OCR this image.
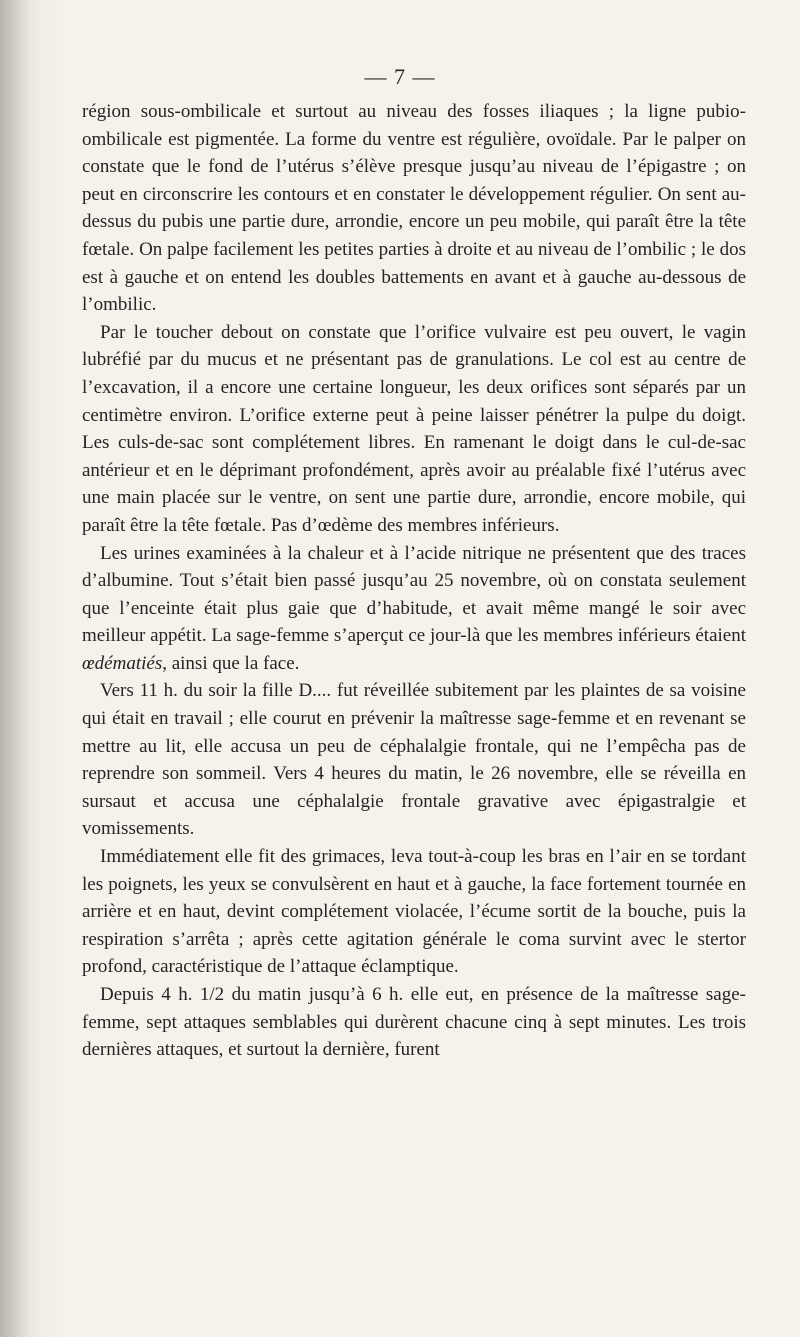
— 7 —

région sous-ombilicale et surtout au niveau des fosses iliaques ; la ligne pubio-ombilicale est pigmentée. La forme du ventre est régulière, ovoïdale. Par le palper on constate que le fond de l’utérus s’élève presque jusqu’au niveau de l’épigastre ; on peut en circonscrire les contours et en constater le développement régulier. On sent au-dessus du pubis une partie dure, arrondie, encore un peu mobile, qui paraît être la tête fœtale. On palpe facilement les petites parties à droite et au niveau de l’ombilic ; le dos est à gauche et on entend les doubles battements en avant et à gauche au-dessous de l’ombilic.

Par le toucher debout on constate que l’orifice vulvaire est peu ouvert, le vagin lubréfié par du mucus et ne présentant pas de granulations. Le col est au centre de l’excavation, il a encore une certaine longueur, les deux orifices sont séparés par un centimètre environ. L’orifice externe peut à peine laisser pénétrer la pulpe du doigt. Les culs-de-sac sont complétement libres. En ramenant le doigt dans le cul-de-sac antérieur et en le déprimant profondément, après avoir au préalable fixé l’utérus avec une main placée sur le ventre, on sent une partie dure, arrondie, encore mobile, qui paraît être la tête fœtale. Pas d’œdème des membres inférieurs.

Les urines examinées à la chaleur et à l’acide nitrique ne présentent que des traces d’albumine. Tout s’était bien passé jusqu’au 25 novembre, où on constata seulement que l’enceinte était plus gaie que d’habitude, et avait même mangé le soir avec meilleur appétit. La sage-femme s’aperçut ce jour-là que les membres inférieurs étaient œdématiés, ainsi que la face.

Vers 11 h. du soir la fille D.... fut réveillée subitement par les plaintes de sa voisine qui était en travail ; elle courut en prévenir la maîtresse sage-femme et en revenant se mettre au lit, elle accusa un peu de céphalalgie frontale, qui ne l’empêcha pas de reprendre son sommeil. Vers 4 heures du matin, le 26 novembre, elle se réveilla en sursaut et accusa une céphalalgie frontale gravative avec épigastralgie et vomissements.

Immédiatement elle fit des grimaces, leva tout-à-coup les bras en l’air en se tordant les poignets, les yeux se convulsèrent en haut et à gauche, la face fortement tournée en arrière et en haut, devint complétement violacée, l’écume sortit de la bouche, puis la respiration s’arrêta ; après cette agitation générale le coma survint avec le stertor profond, caractéristique de l’attaque éclamptique.

Depuis 4 h. 1/2 du matin jusqu’à 6 h. elle eut, en présence de la maîtresse sage-femme, sept attaques semblables qui durèrent chacune cinq à sept minutes. Les trois dernières attaques, et surtout la dernière, furent
